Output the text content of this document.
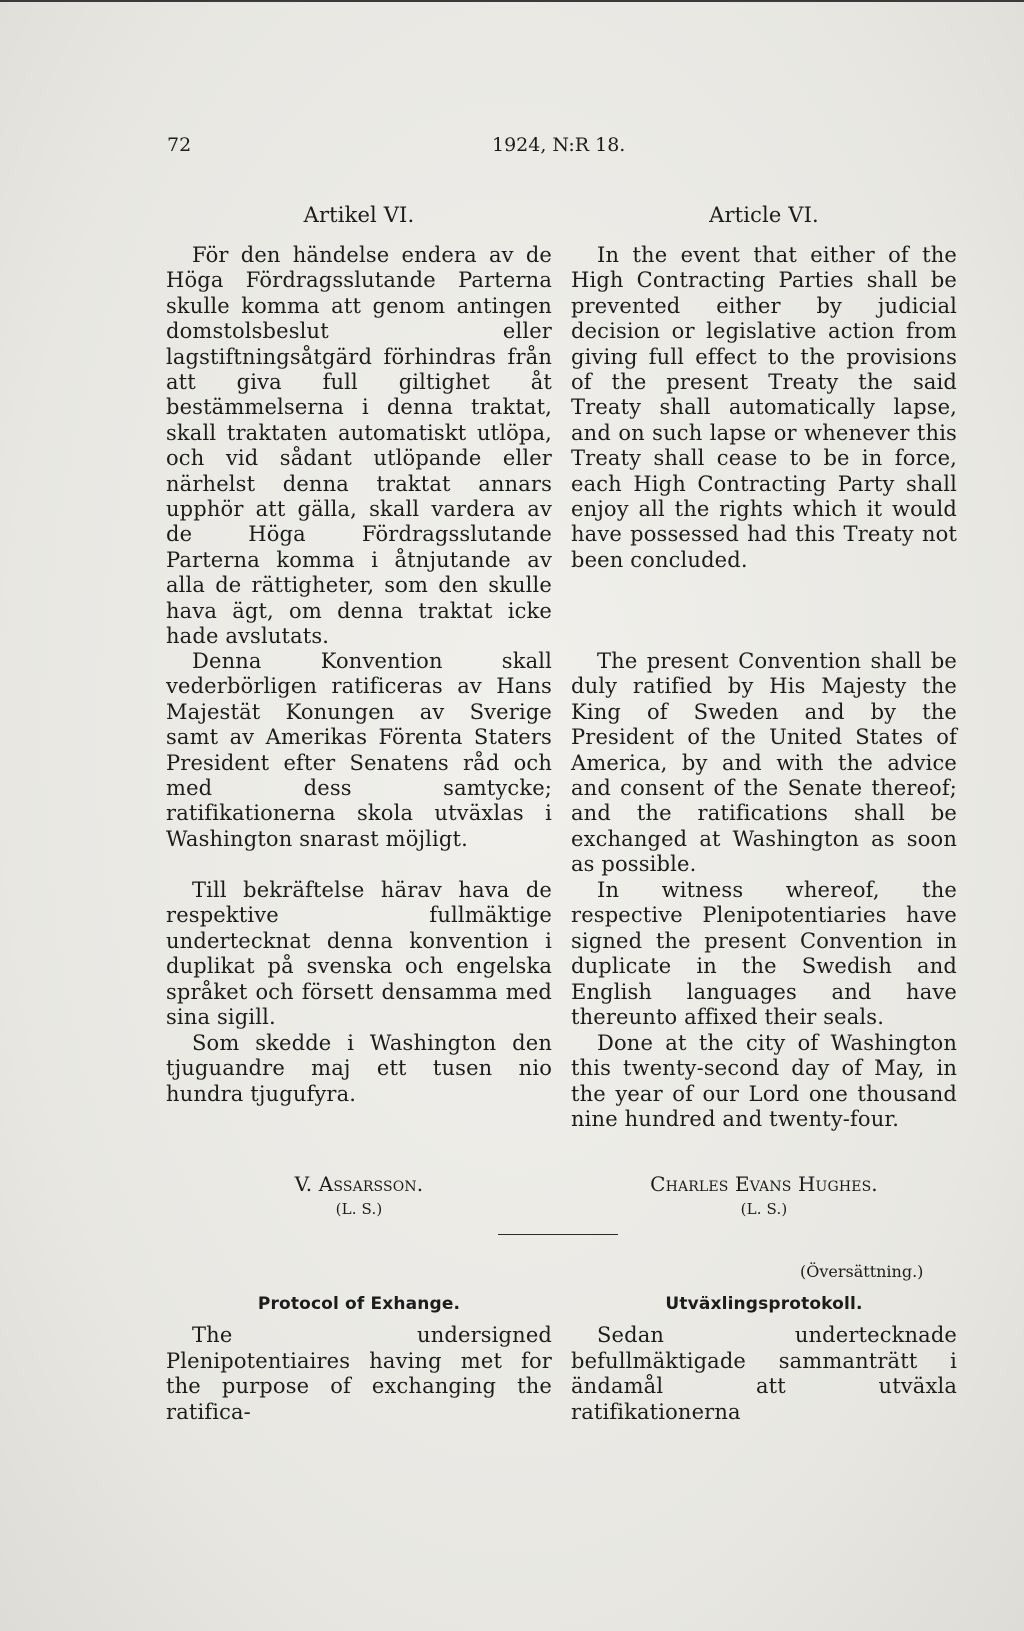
72	1924, N:R 18.
Artikel VI.

För den händelse endera av de Höga Fördragsslutande Parterna skulle komma att genom antingen domstolsbeslut eller lagstiftningsåtgärd förhindras från att giva full giltighet åt bestämmelserna i denna traktat, skall traktaten automatiskt utlöpa, och vid sådant utlöpande eller närhelst denna traktat annars upphör att gälla, skall vardera av de Höga Fördragsslutande Parterna komma i åtnjutande av alla de rättigheter, som den skulle hava ägt, om denna traktat icke hade avslutats.

Denna Konvention skall vederbörligen ratificeras av Hans Majestät Konungen av Sverige samt av Amerikas Förenta Staters President efter Senatens råd och med dess samtycke; ratifikationerna skola utväxlas i Washington snarast möjligt.

Till bekräftelse härav hava de respektive fullmäktige undertecknat denna konvention i duplikat på svenska och engelska språket och försett densamma med sina sigill.

Som skedde i Washington den tjuguandre maj ett tusen nio hundra tjugufyra.

V. Assarsson.
(L. S.)
Article VI.

In the event that either of the High Contracting Parties shall be prevented either by judicial decision or legislative action from giving full effect to the provisions of the present Treaty the said Treaty shall automatically lapse, and on such lapse or whenever this Treaty shall cease to be in force, each High Contracting Party shall enjoy all the rights which it would have possessed had this Treaty not been concluded.

The present Convention shall be duly ratified by His Majesty the King of Sweden and by the President of the United States of America, by and with the advice and consent of the Senate thereof; and the ratifications shall be exchanged at Washington as soon as possible.

In witness whereof, the respective Plenipotentiaries have signed the present Convention in duplicate in the Swedish and English languages and have thereunto affixed their seals.

Done at the city of Washington this twenty-second day of May, in the year of our Lord one thousand nine hundred and twenty-four.

Charles Evans Hughes.
(L. S.)
(Översättning.)
Protocol of Exhange.

The undersigned Plenipotentiaires having met for the purpose of exchanging the ratifica-

Utväxlingsprotokoll.

Sedan undertecknade befullmäktigade sammanträtt i ändamål att utväxla ratifikationerna
